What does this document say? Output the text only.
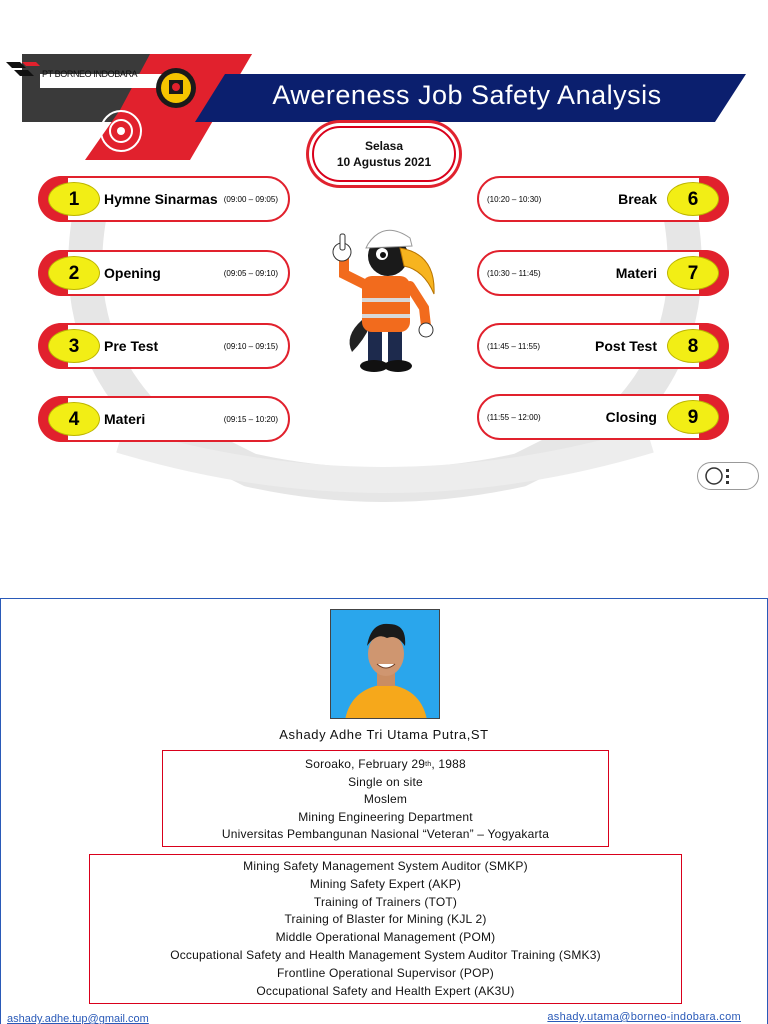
PT BORNEO INDOBARA
Awereness Job Safety Analysis
Selasa
10 Agustus 2021
1	Hymne Sinarmas (09:00 – 09:05)
2	Opening	(09:05 – 09:10)
3	Pre Test	(09:10 – 09:15)
4	Materi	(09:15 – 10:20)
(10:20 – 10:30)	Break	6
(10:30 – 11:45)	Materi	7
(11:45 – 11:55)	Post Test	8
(11:55 – 12:00)	Closing	9
Ashady Adhe Tri Utama Putra,ST
Soroako, February 29th, 1988
Single on site
Moslem
Mining Engineering Department
Universitas Pembangunan Nasional “Veteran” – Yogyakarta
Mining Safety Management System Auditor (SMKP)
Mining Safety Expert (AKP)
Training of Trainers (TOT)
Training of Blaster for Mining (KJL 2)
Middle Operational Management (POM)
Occupational Safety and Health Management System Auditor Training (SMK3)
Frontline Operational Supervisor (POP)
Occupational Safety and Health Expert (AK3U)
ashady.adhe.tup@gmail.com	ashady.utama@borneo-indobara.com
